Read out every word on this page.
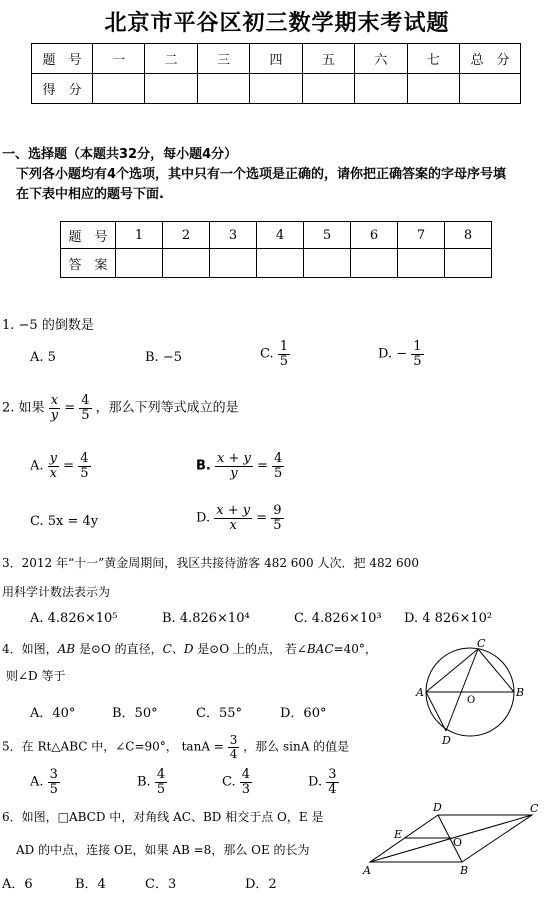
北京市平谷区初三数学期末考试题
题　号	一	二	三	四	五	六	七	总　分
得　分								
一、选择题（本题共32分，每小题4分）
下列各小题均有4个选项，其中只有一个选项是正确的，请你把正确答案的字母序号填
在下表中相应的题号下面.
题　号	1	2	3	4	5	6	7	8
答　案								
1. −5 的倒数是
A. 5	B. −5	C. $\frac{1}{5}$	D. − $\frac{1}{5}$
2. 如果 $\frac{x}{y} = \frac{4}{5}$ ，那么下列等式成立的是
A. $\frac{y}{x} = \frac{4}{5}$	B. $\frac{x + y}{y} = \frac{4}{5}$
C. 5x = 4y	D. $\frac{x + y}{x} = \frac{9}{5}$
3．2012 年“十一”黄金周期间，我区共接待游客 482 600 人次．把 482 600
用科学计数法表示为
A. 4.826×10⁵	B. 4.826×10⁴	C. 4.826×10³ D. 4 826×10²
4．如图，AB 是⊙O 的直径，C、D 是⊙O 上的点， 若∠BAC=40°，
则∠D 等于
A．40°	B．50°	C．55°	D．60°
C
A	B
O
D
5．在 Rt△ABC 中，∠C=90°， $\tan A = \frac{3}{4}$ ，那么 sinA 的值是
A. $\frac{3}{5}$	B. $\frac{4}{5}$	C. $\frac{4}{3}$	D. $\frac{3}{4}$
6．如图，□ABCD 中，对角线 AC、BD 相交于点 O，E 是
AD 的中点，连接 OE，如果 AB =8，那么 OE 的长为
A．6	B．4	C．3	D．2
D	C
E
O
A	B
